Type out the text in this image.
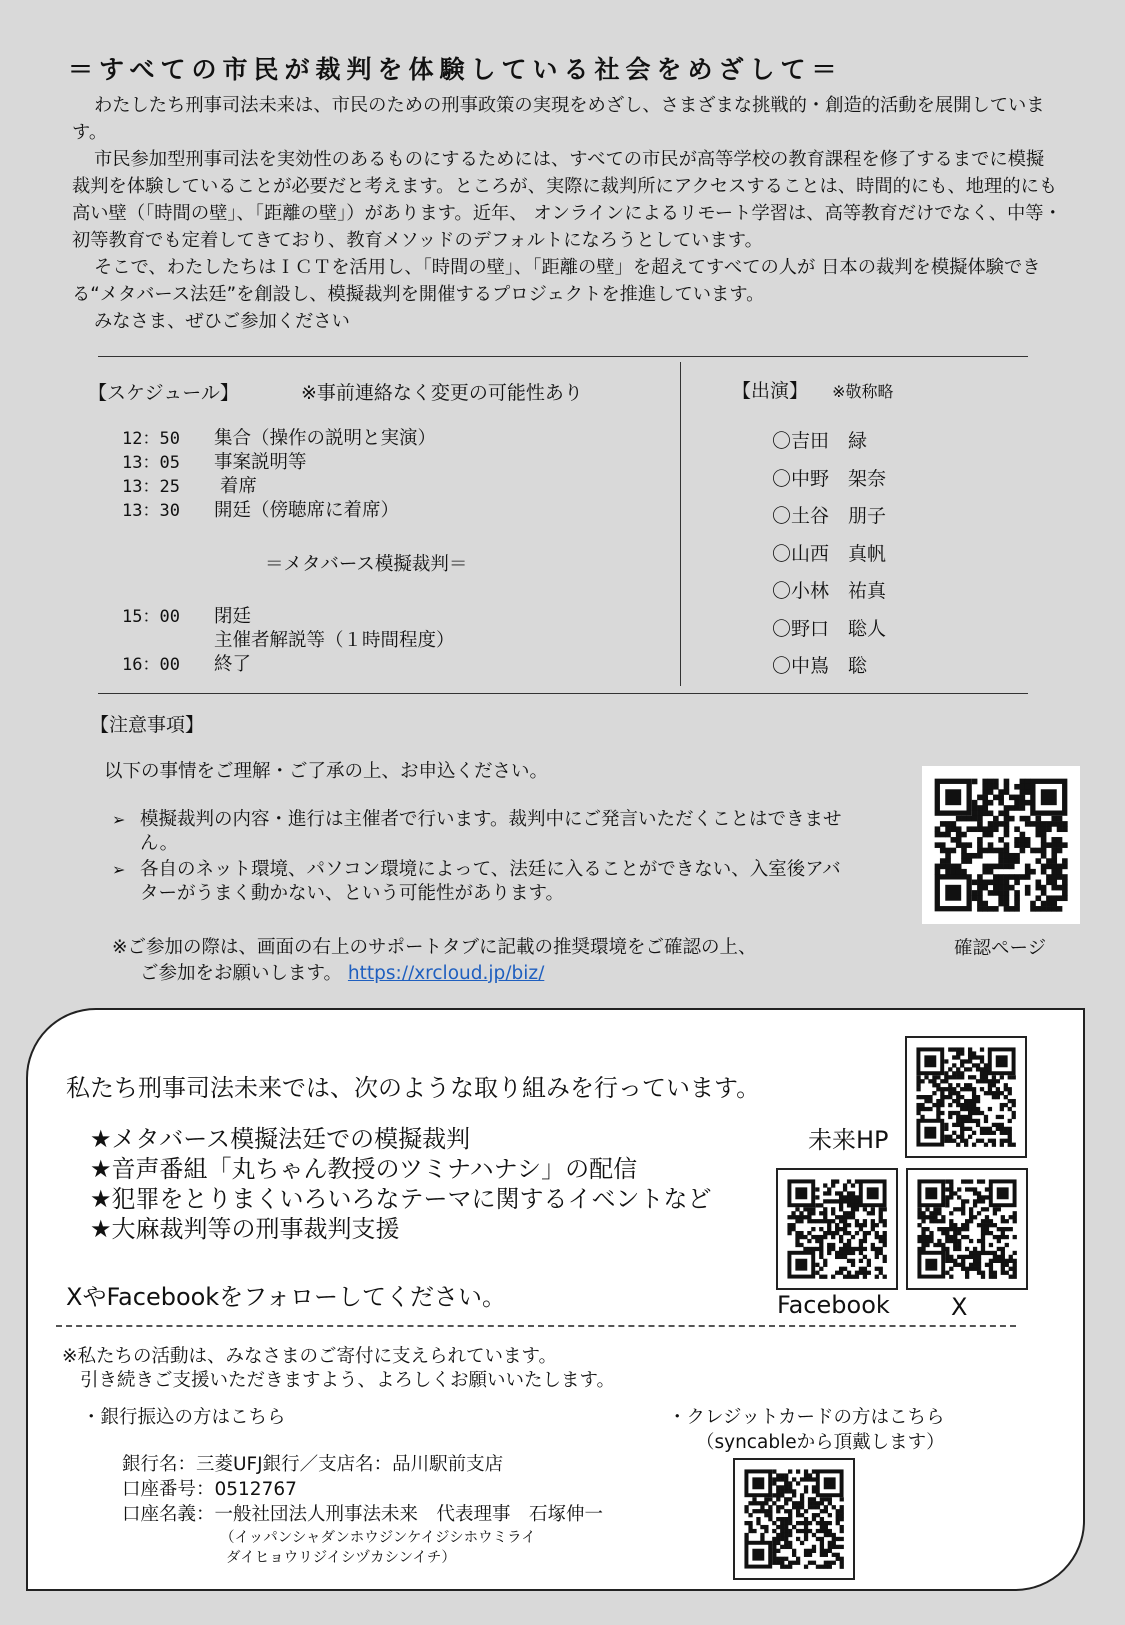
＝すべての市民が裁判を体験している社会をめざして＝

わたしたち刑事司法未来は、市民のための刑事政策の実現をめざし、さまざまな挑戦的・創造的活動を展開しています。

市民参加型刑事司法を実効性のあるものにするためには、すべての市民が高等学校の教育課程を修了するまでに模擬裁判を体験していることが必要だと考えます。ところが、実際に裁判所にアクセスすることは、時間的にも、地理的にも高い壁（「時間の壁」、「距離の壁」）があります。近年、 オンラインによるリモート学習は、高等教育だけでなく、中等・初等教育でも定着してきており、教育メソッドのデフォルトになろうとしています。

そこで、わたしたちはＩＣＴを活用し、「時間の壁」、「距離の壁」を超えてすべての人が 日本の裁判を模擬体験できる“メタバース法廷”を創設し、模擬裁判を開催するプロジェクトを推進しています。

みなさま、ぜひご参加ください

【スケジュール】	※事前連絡なく変更の可能性あり
12：50 集合（操作の説明と実演）
13：05 事案説明等
13：25 着席
13：30 開廷（傍聴席に着席）
＝メタバース模擬裁判＝
15：00 閉廷
主催者解説等（１時間程度）
16：00 終了
【出演】 ※敬称略
〇吉田　緑
〇中野　架奈
〇土谷　朋子
〇山西　真帆
〇小林　祐真
〇野口　聡人
〇中嶌　聡
【注意事項】
以下の事情をご理解・ご了承の上、お申込ください。
➢ 模擬裁判の内容・進行は主催者で行います。裁判中にご発言いただくことはできません。
➢ 各自のネット環境、パソコン環境によって、法廷に入ることができない、入室後アバターがうまく動かない、という可能性があります。
※ご参加の際は、画面の右上のサポートタブに記載の推奨環境をご確認の上、
ご参加をお願いします。 https://xrcloud.jp/biz/
確認ページ
私たち刑事司法未来では、次のような取り組みを行っています。
★メタバース模擬法廷での模擬裁判
★音声番組「丸ちゃん教授のツミナハナシ」の配信
★犯罪をとりまくいろいろなテーマに関するイベントなど
★大麻裁判等の刑事裁判支援
XやFacebookをフォローしてください。
未来HP
Facebook	X
※私たちの活動は、みなさまのご寄付に支えられています。
引き続きご支援いただきますよう、よろしくお願いいたします。
・銀行振込の方はこちら
銀行名：三菱UFJ銀行／支店名：品川駅前支店
口座番号：0512767
口座名義：一般社団法人刑事法未来　代表理事　石塚伸一
（イッパンシャダンホウジンケイジシホウミライ
ダイヒョウリジイシヅカシンイチ）
・クレジットカードの方はこちら
（syncableから頂戴します）
